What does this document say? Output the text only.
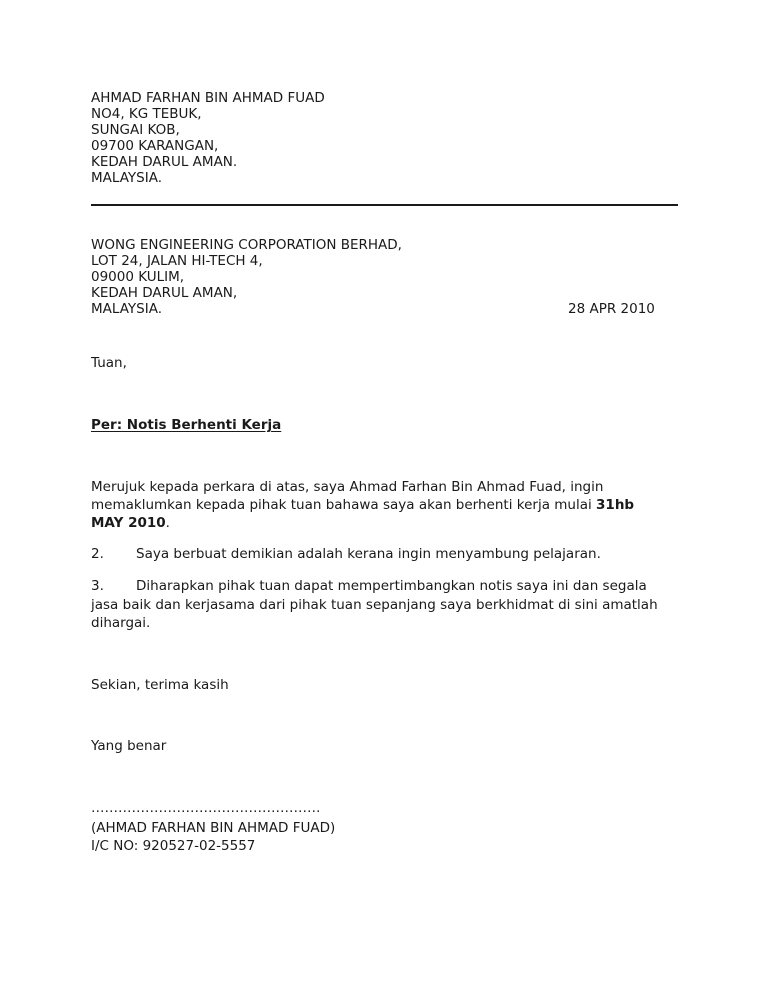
AHMAD FARHAN BIN AHMAD FUAD
NO4, KG TEBUK,
SUNGAI KOB,
09700 KARANGAN,
KEDAH DARUL AMAN.
MALAYSIA.
WONG ENGINEERING CORPORATION BERHAD,
LOT 24, JALAN HI-TECH 4,
09000 KULIM,
KEDAH DARUL AMAN,
MALAYSIA.	28 APR 2010
Tuan,
Per: Notis Berhenti Kerja
Merujuk kepada perkara di atas, saya Ahmad Farhan Bin Ahmad Fuad, ingin
memaklumkan kepada pihak tuan bahawa saya akan berhenti kerja mulai 31hb
MAY 2010.
2. Saya berbuat demikian adalah kerana ingin menyambung pelajaran.
3. Diharapkan pihak tuan dapat mempertimbangkan notis saya ini dan segala
jasa baik dan kerjasama dari pihak tuan sepanjang saya berkhidmat di sini amatlah
dihargai.
Sekian, terima kasih
Yang benar
……………………………………………
(AHMAD FARHAN BIN AHMAD FUAD)
I/C NO: 920527-02-5557
